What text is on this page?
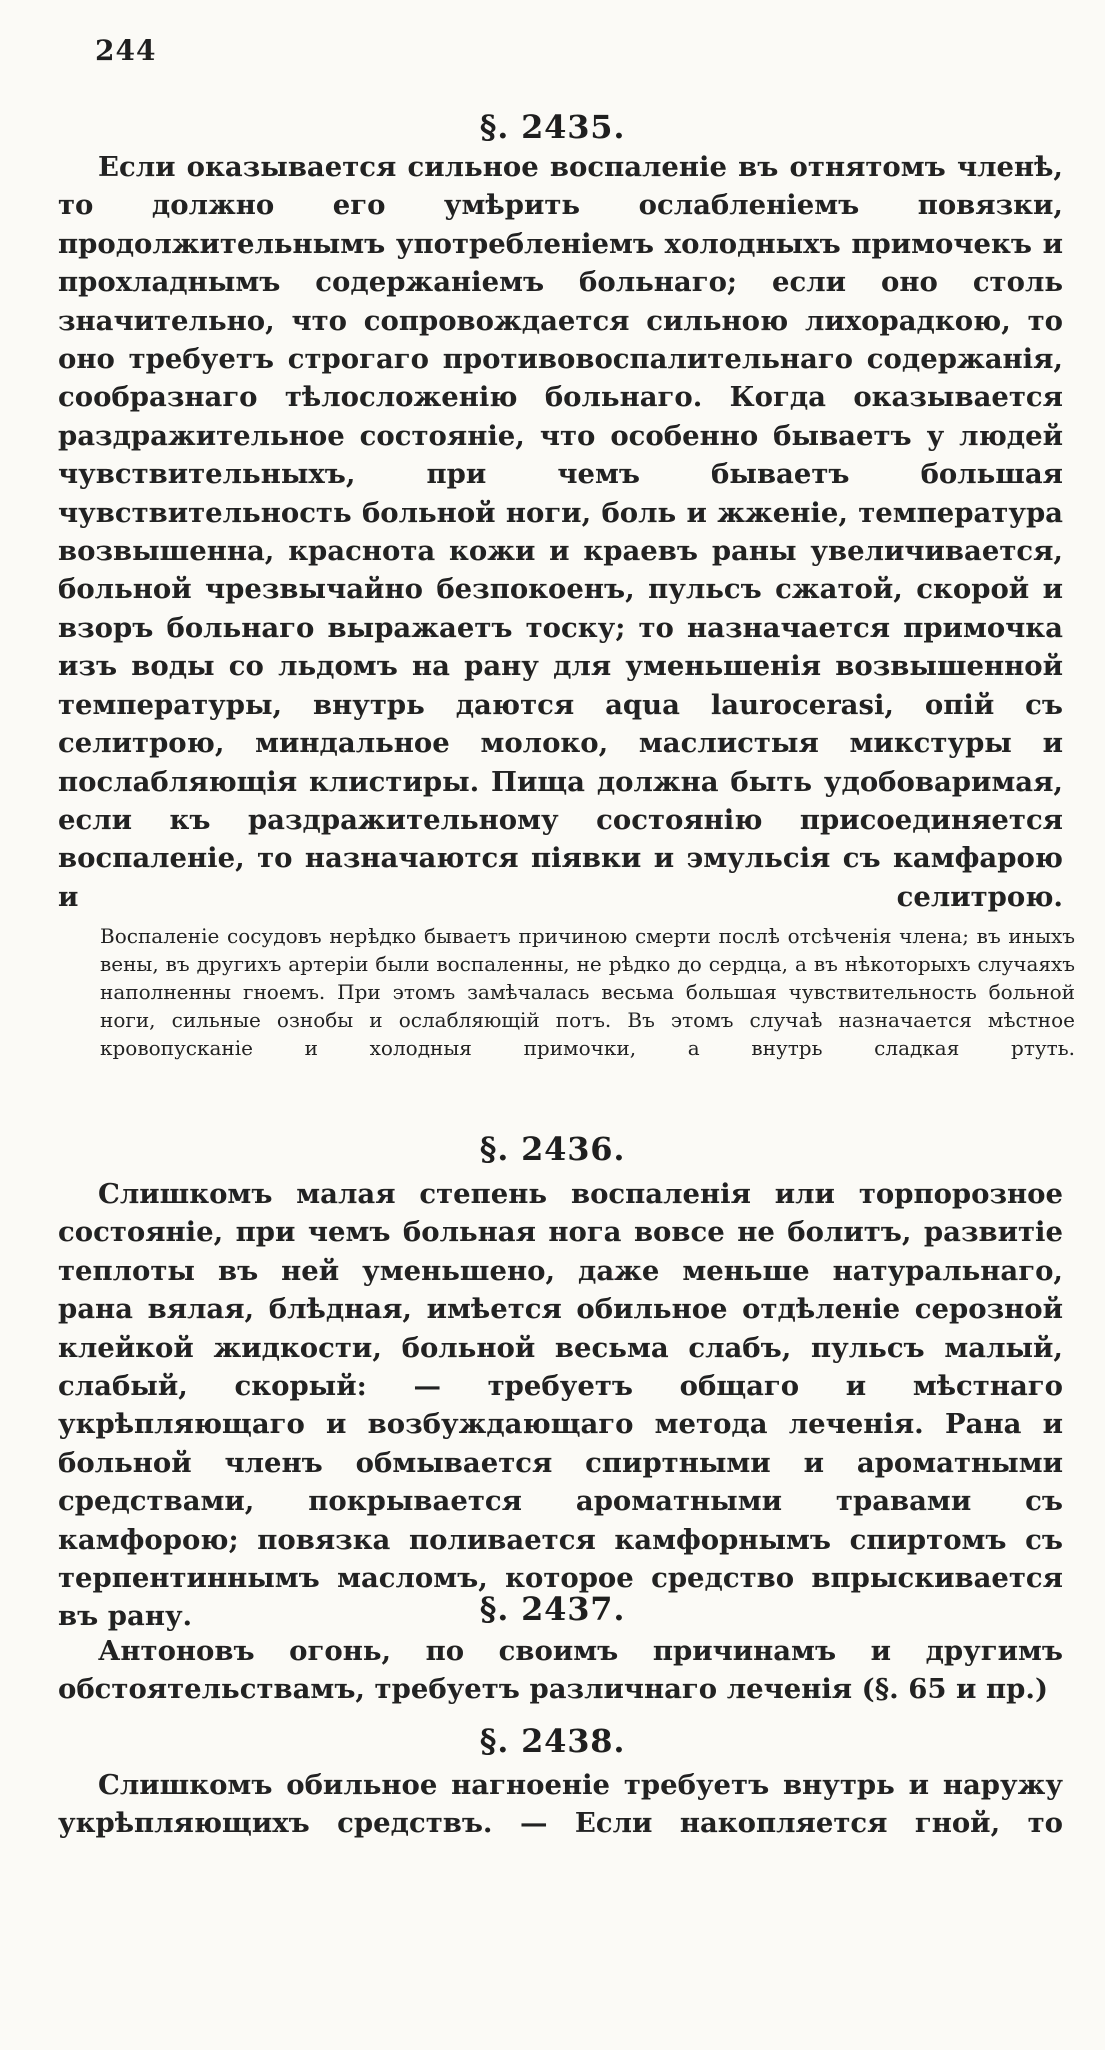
244
§. 2435.

Если оказывается сильное воспаленіе въ отнятомъ членѣ, то должно его умѣрить ослабленіемъ повязки, продолжительнымъ употребленіемъ холодныхъ примочекъ и прохладнымъ содержаніемъ больнаго; если оно столь значительно, что сопровождается сильною лихорадкою, то оно требуетъ строгаго противовоспалительнаго содержанія, сообразнаго тѣлосложенію больнаго. Когда оказывается раздражительное состояніе, что особенно бываетъ у людей чувствительныхъ, при чемъ бываетъ большая чувствительность больной ноги, боль и жженіе, температура возвышенна, краснота кожи и краевъ раны увеличивается, больной чрезвычайно безпокоенъ, пульсъ сжатой, скорой и взоръ больнаго выражаетъ тоску; то назначается примочка изъ воды со льдомъ на рану для уменьшенія возвышенной температуры, внутрь даются aqua laurocerasi, опій съ селитрою, миндальное молоко, маслистыя микстуры и послабляющія клистиры. Пища должна быть удобоваримая, если къ раздражительному состоянію присоединяется воспаленіе, то назначаются піявки и эмульсія съ камфарою и селитрою.

Воспаленіе сосудовъ нерѣдко бываетъ причиною смерти послѣ отсѣченія члена; въ иныхъ вены, въ другихъ артеріи были воспаленны, не рѣдко до сердца, а въ нѣкоторыхъ случаяхъ наполненны гноемъ. При этомъ замѣчалась весьма большая чувствительность больной ноги, сильные ознобы и ослабляющій потъ. Въ этомъ случаѣ назначается мѣстное кровопусканіе и холодныя примочки, а внутрь сладкая ртуть.

§. 2436.

Слишкомъ малая степень воспаленія или торпорозное состояніе, при чемъ больная нога вовсе не болитъ, развитіе теплоты въ ней уменьшено, даже меньше натуральнаго, рана вялая, блѣдная, имѣется обильное отдѣленіе серозной клейкой жидкости, больной весьма слабъ, пульсъ малый, слабый, скорый: — требуетъ общаго и мѣстнаго укрѣпляющаго и возбуждающаго метода леченія. Рана и больной членъ обмывается спиртными и ароматными средствами, покрывается ароматными травами съ камфорою; повязка поливается камфорнымъ спиртомъ съ терпентиннымъ масломъ, которое средство впрыскивается въ рану.	§. 2437.

Антоновъ огонь, по своимъ причинамъ и другимъ обстоятельствамъ, требуетъ различнаго леченія (§. 65 и пр.)

§. 2438.

Слишкомъ обильное нагноеніе требуетъ внутрь и наружу укрѣпляющихъ средствъ. — Если накопляется гной, то
